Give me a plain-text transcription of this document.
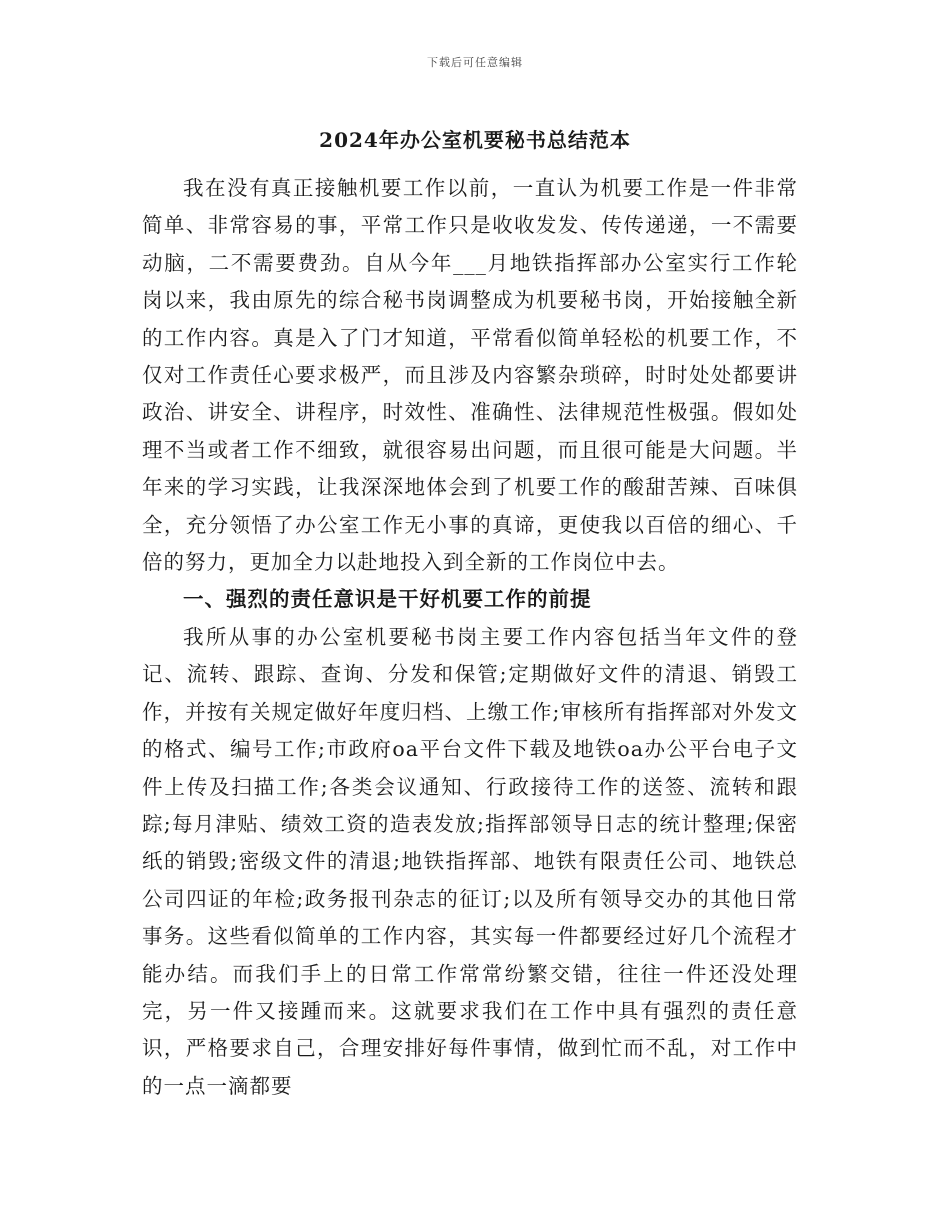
下载后可任意编辑
2024年办公室机要秘书总结范本

我在没有真正接触机要工作以前，一直认为机要工作是一件非常简单、非常容易的事，平常工作只是收收发发、传传递递，一不需要动脑，二不需要费劲。自从今年___月地铁指挥部办公室实行工作轮岗以来，我由原先的综合秘书岗调整成为机要秘书岗，开始接触全新的工作内容。真是入了门才知道，平常看似简单轻松的机要工作，不仅对工作责任心要求极严，而且涉及内容繁杂琐碎，时时处处都要讲政治、讲安全、讲程序，时效性、准确性、法律规范性极强。假如处理不当或者工作不细致，就很容易出问题，而且很可能是大问题。半年来的学习实践，让我深深地体会到了机要工作的酸甜苦辣、百味俱全，充分领悟了办公室工作无小事的真谛，更使我以百倍的细心、千倍的努力，更加全力以赴地投入到全新的工作岗位中去。

一、强烈的责任意识是干好机要工作的前提

我所从事的办公室机要秘书岗主要工作内容包括当年文件的登记、流转、跟踪、查询、分发和保管;定期做好文件的清退、销毁工作，并按有关规定做好年度归档、上缴工作;审核所有指挥部对外发文的格式、编号工作;市政府oa平台文件下载及地铁oa办公平台电子文件上传及扫描工作;各类会议通知、行政接待工作的送签、流转和跟踪;每月津贴、绩效工资的造表发放;指挥部领导日志的统计整理;保密纸的销毁;密级文件的清退;地铁指挥部、地铁有限责任公司、地铁总公司四证的年检;政务报刊杂志的征订;以及所有领导交办的其他日常事务。这些看似简单的工作内容，其实每一件都要经过好几个流程才能办结。而我们手上的日常工作常常纷繁交错，往往一件还没处理完，另一件又接踵而来。这就要求我们在工作中具有强烈的责任意识，严格要求自己，合理安排好每件事情，做到忙而不乱，对工作中的一点一滴都要
